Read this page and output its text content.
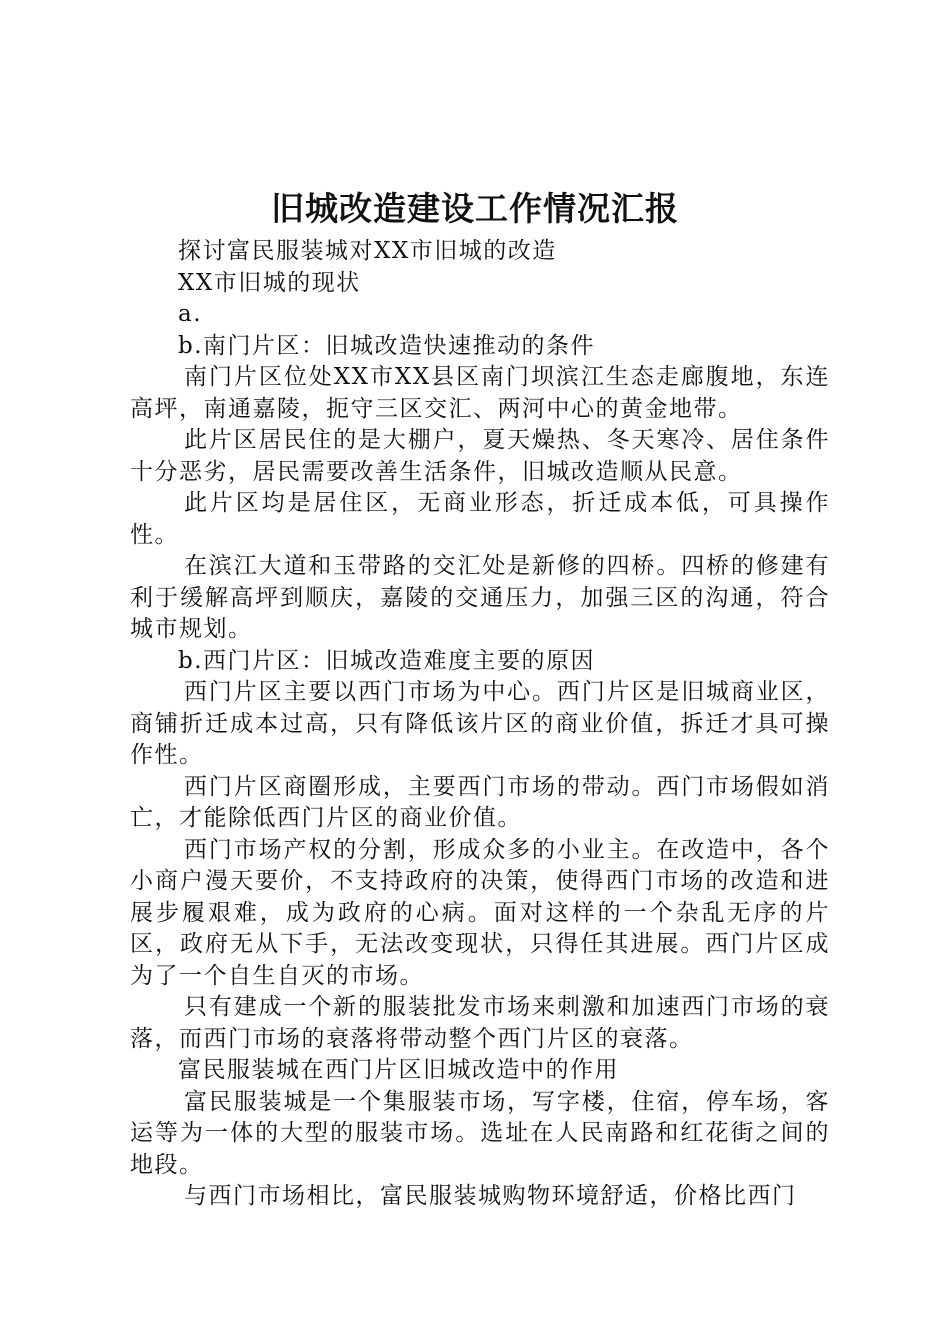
旧城改造建设工作情况汇报

探讨富民服装城对XX市旧城的改造

XX市旧城的现状

a.

b.南门片区：旧城改造快速推动的条件

南门片区位处XX市XX县区南门坝滨江生态走廊腹地，东连高坪，南通嘉陵，扼守三区交汇、两河中心的黄金地带。

此片区居民住的是大棚户，夏天燥热、冬天寒冷、居住条件十分恶劣，居民需要改善生活条件，旧城改造顺从民意。

此片区均是居住区，无商业形态，折迁成本低，可具操作性。

在滨江大道和玉带路的交汇处是新修的四桥。四桥的修建有利于缓解高坪到顺庆，嘉陵的交通压力，加强三区的沟通，符合城市规划。

b.西门片区：旧城改造难度主要的原因

西门片区主要以西门市场为中心。西门片区是旧城商业区，商铺折迁成本过高，只有降低该片区的商业价值，拆迁才具可操作性。

西门片区商圈形成，主要西门市场的带动。西门市场假如消亡，才能除低西门片区的商业价值。

西门市场产权的分割，形成众多的小业主。在改造中，各个小商户漫天要价，不支持政府的决策，使得西门市场的改造和进展步履艰难，成为政府的心病。面对这样的一个杂乱无序的片区，政府无从下手，无法改变现状，只得任其进展。西门片区成为了一个自生自灭的市场。

只有建成一个新的服装批发市场来刺激和加速西门市场的衰落，而西门市场的衰落将带动整个西门片区的衰落。

富民服装城在西门片区旧城改造中的作用

富民服装城是一个集服装市场，写字楼，住宿，停车场，客运等为一体的大型的服装市场。选址在人民南路和红花街之间的地段。

与西门市场相比，富民服装城购物环境舒适，价格比西门
